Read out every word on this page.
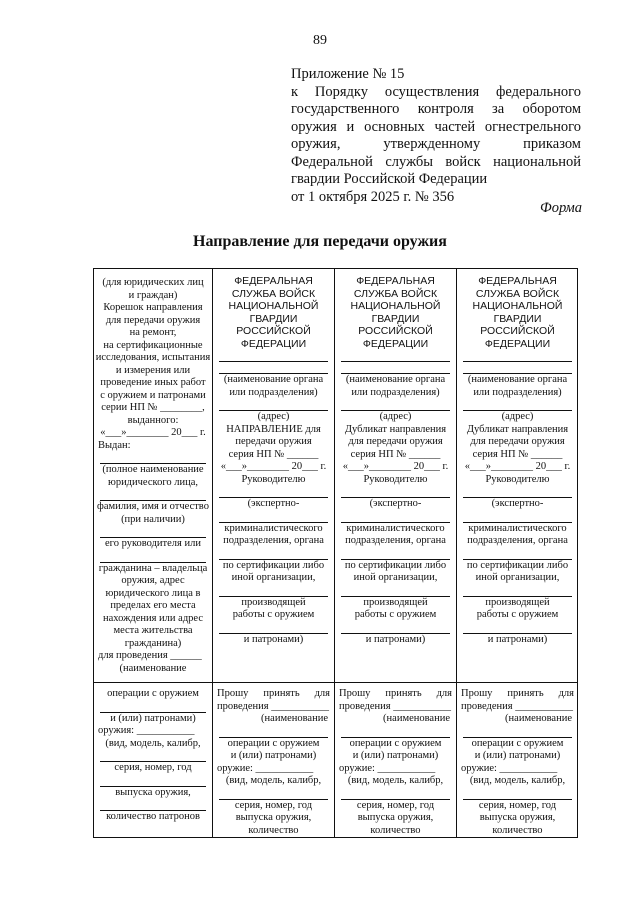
89
Приложение № 15
к Порядку осуществления федерального
государственного контроля за оборотом
оружия и основных частей огнестрельного
оружия, утвержденному приказом
Федеральной службы войск национальной
гвардии Российской Федерации
от 1 октября 2025 г. № 356
Форма
Направление для передачи оружия

(для юридических лиц

и граждан)

Корешок направления

для передачи оружия

на ремонт,

на сертификационные

исследования, испытания

и измерения или

проведение иных работ

с оружием и патронами

серии НП № ________,

выданного:

«___»________ 20___ г.

Выдан:

(полное наименование

юридического лица,

фамилия, имя и отчество

(при наличии)

его руководителя или

гражданина – владельца

оружия, адрес

юридического лица в

пределах его места

нахождения или адрес

места жительства

гражданина)

для проведения ______

(наименование

операции с оружием

и (или) патронами)

оружия: ___________

(вид, модель, калибр,

серия, номер, год

выпуска оружия,

количество патронов

ФЕДЕРАЛЬНАЯ

СЛУЖБА ВОЙСК

НАЦИОНАЛЬНОЙ

ГВАРДИИ

РОССИЙСКОЙ

ФЕДЕРАЦИИ

(наименование органа

или подразделения)

(адрес)

НАПРАВЛЕНИЕ для

передачи оружия

серия НП № ______

«___»________ 20___ г.

Руководителю

(экспертно-

криминалистического

подразделения, органа

по сертификации либо

иной организации,

производящей

работы с оружием

и патронами)

Прошу принять для

проведения ___________

(наименование

операции с оружием

и (или) патронами)

оружие: ___________

(вид, модель, калибр,

серия, номер, год

выпуска оружия,

количество

ФЕДЕРАЛЬНАЯ

СЛУЖБА ВОЙСК

НАЦИОНАЛЬНОЙ

ГВАРДИИ

РОССИЙСКОЙ

ФЕДЕРАЦИИ

(наименование органа

или подразделения)

(адрес)

Дубликат направления

для передачи оружия

серия НП № ______

«___»________ 20___ г.

Руководителю

(экспертно-

криминалистического

подразделения, органа

по сертификации либо

иной организации,

производящей

работы с оружием

и патронами)

Прошу принять для

проведения ___________

(наименование

операции с оружием

и (или) патронами)

оружие: ___________

(вид, модель, калибр,

серия, номер, год

выпуска оружия,

количество

ФЕДЕРАЛЬНАЯ

СЛУЖБА ВОЙСК

НАЦИОНАЛЬНОЙ

ГВАРДИИ

РОССИЙСКОЙ

ФЕДЕРАЦИИ

(наименование органа

или подразделения)

(адрес)

Дубликат направления

для передачи оружия

серия НП № ______

«___»________ 20___ г.

Руководителю

(экспертно-

криминалистического

подразделения, органа

по сертификации либо

иной организации,

производящей

работы с оружием

и патронами)

Прошу принять для

проведения ___________

(наименование

операции с оружием

и (или) патронами)

оружие: ___________

(вид, модель, калибр,

серия, номер, год

выпуска оружия,

количество
